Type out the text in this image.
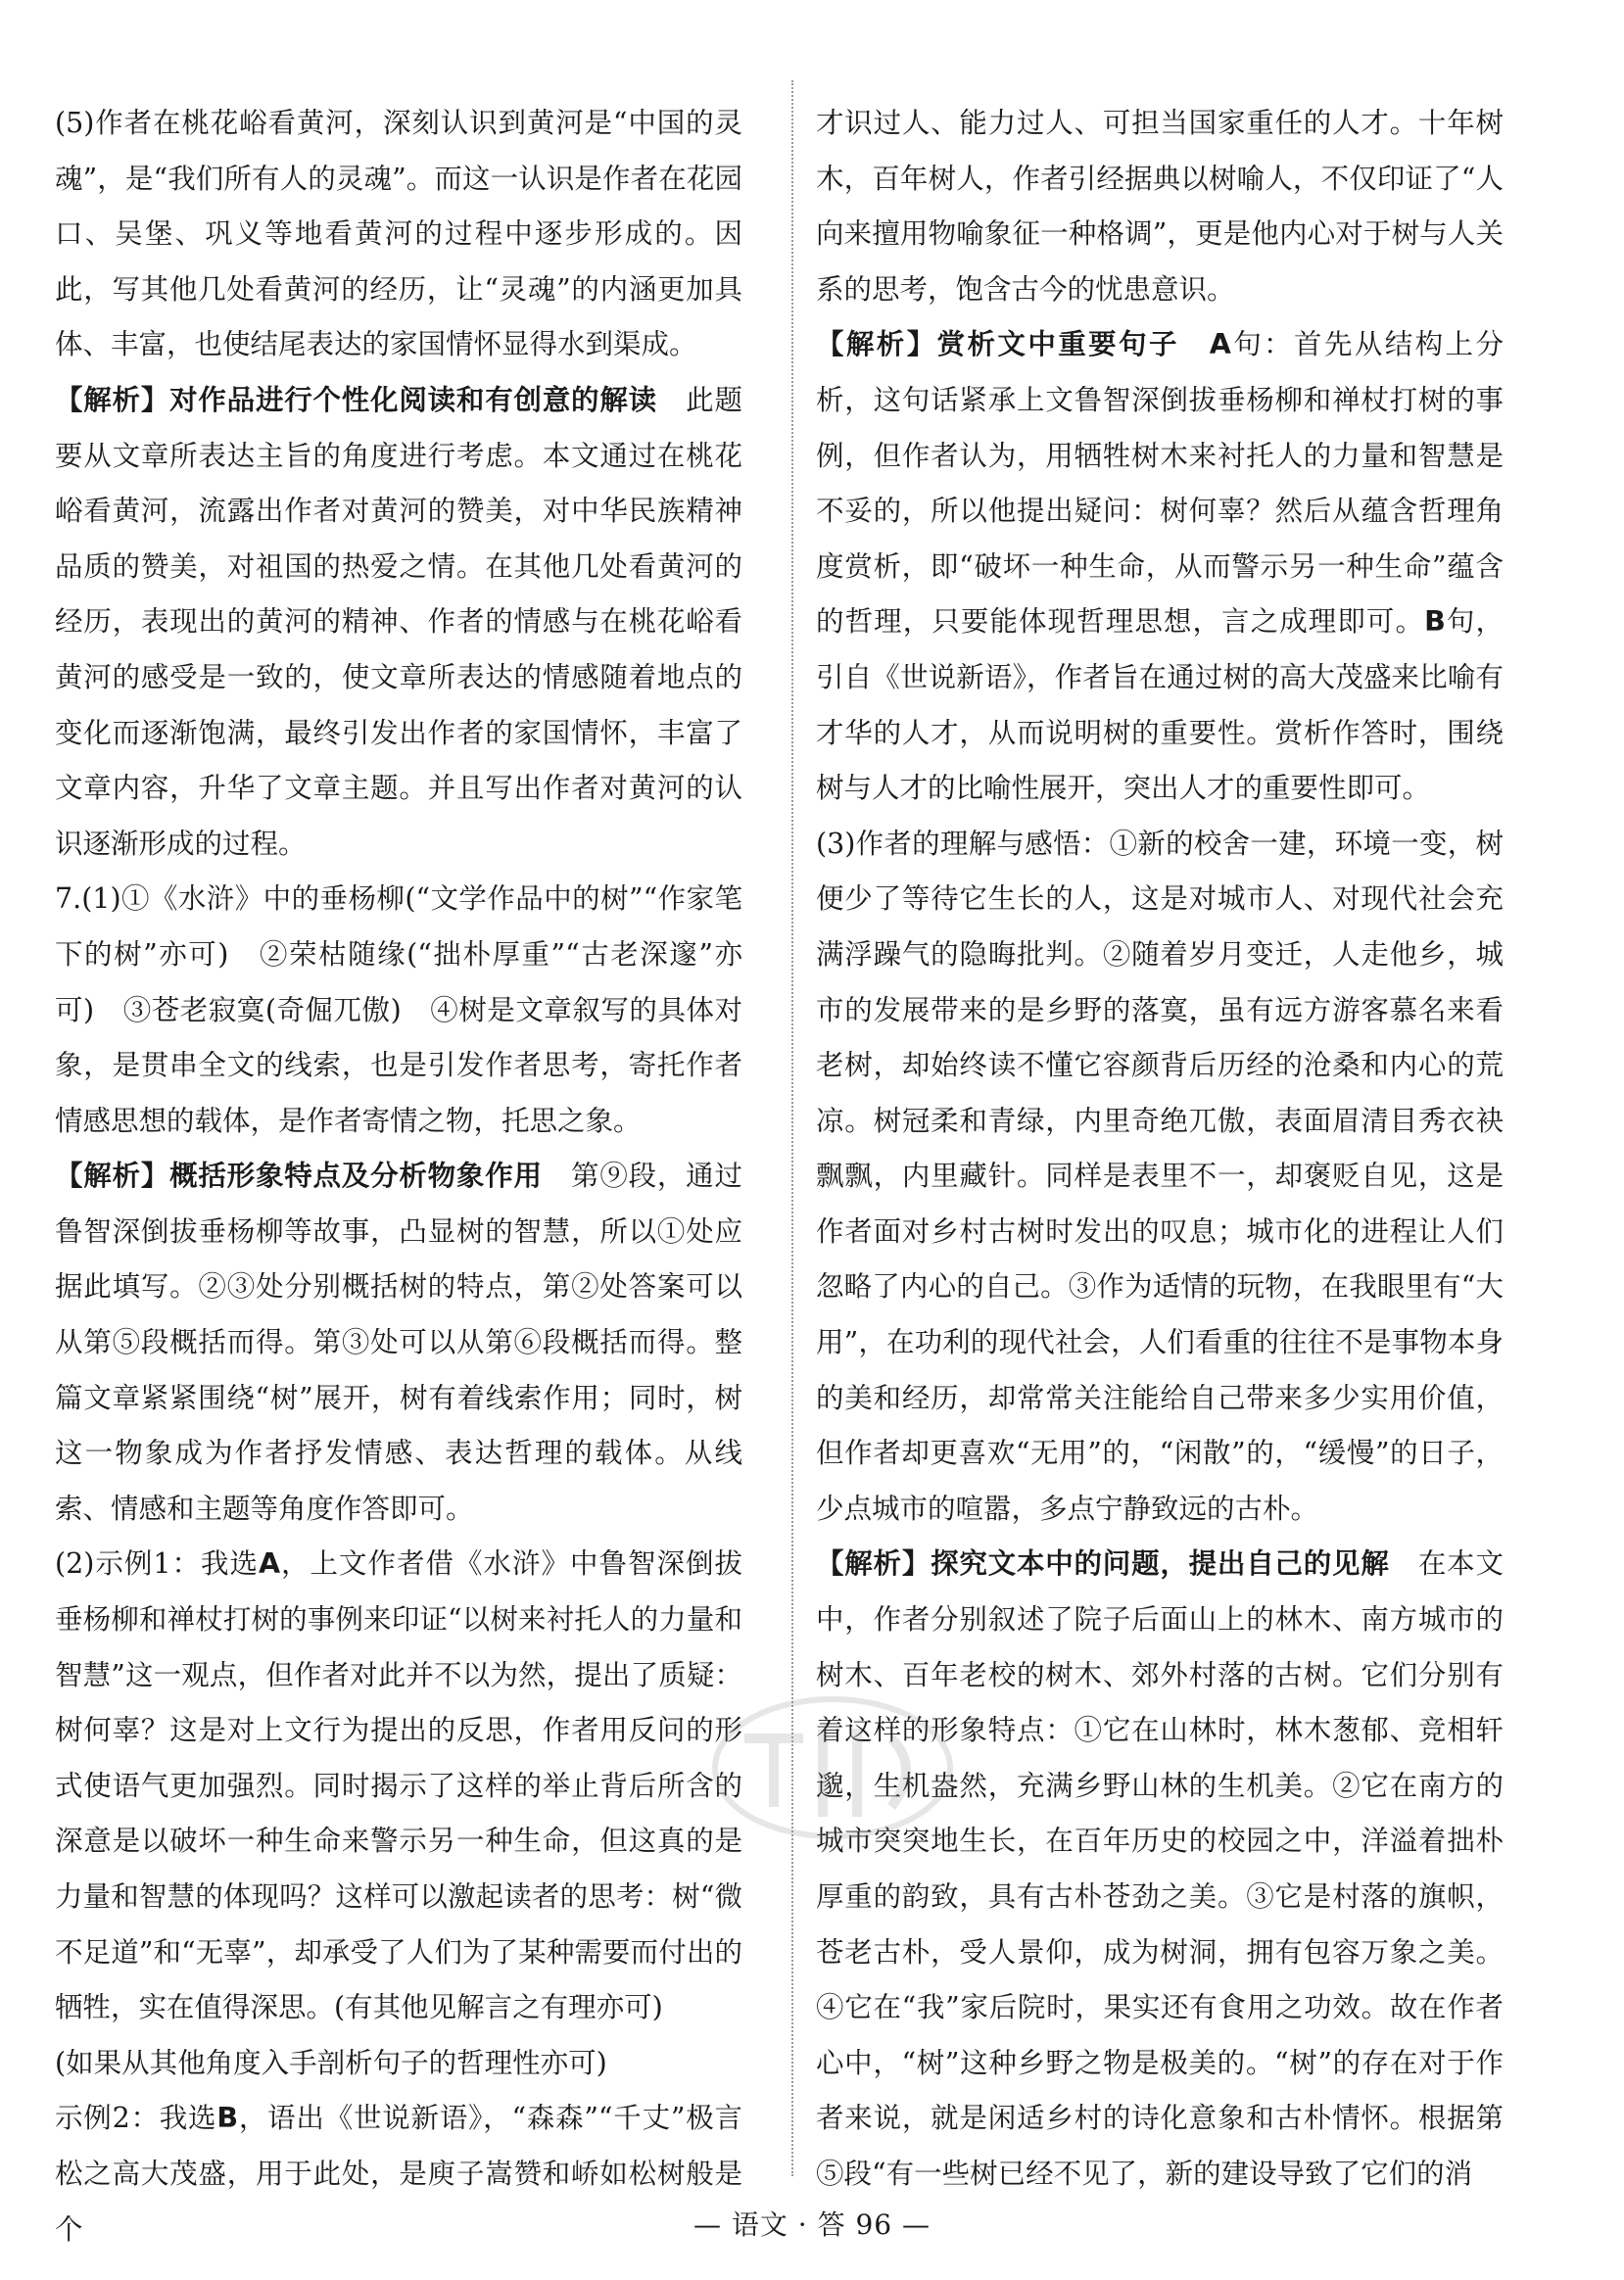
(5)作者在桃花峪看黄河，深刻认识到黄河是“中国的灵魂”，是“我们所有人的灵魂”。而这一认识是作者在花园口、吴堡、巩义等地看黄河的过程中逐步形成的。因此，写其他几处看黄河的经历，让“灵魂”的内涵更加具体、丰富，也使结尾表达的家国情怀显得水到渠成。

【解析】对作品进行个性化阅读和有创意的解读　此题要从文章所表达主旨的角度进行考虑。本文通过在桃花峪看黄河，流露出作者对黄河的赞美，对中华民族精神品质的赞美，对祖国的热爱之情。在其他几处看黄河的经历，表现出的黄河的精神、作者的情感与在桃花峪看黄河的感受是一致的，使文章所表达的情感随着地点的变化而逐渐饱满，最终引发出作者的家国情怀，丰富了文章内容，升华了文章主题。并且写出作者对黄河的认识逐渐形成的过程。

7.(1)①《水浒》中的垂杨柳(“文学作品中的树”“作家笔下的树”亦可)　②荣枯随缘(“拙朴厚重”“古老深邃”亦可)　③苍老寂寞(奇倔兀傲)　④树是文章叙写的具体对象，是贯串全文的线索，也是引发作者思考，寄托作者情感思想的载体，是作者寄情之物，托思之象。

【解析】概括形象特点及分析物象作用　第⑨段，通过鲁智深倒拔垂杨柳等故事，凸显树的智慧，所以①处应据此填写。②③处分别概括树的特点，第②处答案可以从第⑤段概括而得。第③处可以从第⑥段概括而得。整篇文章紧紧围绕“树”展开，树有着线索作用；同时，树这一物象成为作者抒发情感、表达哲理的载体。从线索、情感和主题等角度作答即可。

(2)示例1：我选A，上文作者借《水浒》中鲁智深倒拔垂杨柳和禅杖打树的事例来印证“以树来衬托人的力量和智慧”这一观点，但作者对此并不以为然，提出了质疑：树何辜？这是对上文行为提出的反思，作者用反问的形式使语气更加强烈。同时揭示了这样的举止背后所含的深意是以破坏一种生命来警示另一种生命，但这真的是力量和智慧的体现吗？这样可以激起读者的思考：树“微不足道”和“无辜”，却承受了人们为了某种需要而付出的牺牲，实在值得深思。(有其他见解言之有理亦可)

(如果从其他角度入手剖析句子的哲理性亦可)

示例2：我选B，语出《世说新语》，“森森”“千丈”极言松之高大茂盛，用于此处，是庾子嵩赞和峤如松树般是个

才识过人、能力过人、可担当国家重任的人才。十年树木，百年树人，作者引经据典以树喻人，不仅印证了“人向来擅用物喻象征一种格调”，更是他内心对于树与人关系的思考，饱含古今的忧患意识。

【解析】赏析文中重要句子　 A句：首先从结构上分析，这句话紧承上文鲁智深倒拔垂杨柳和禅杖打树的事例，但作者认为，用牺牲树木来衬托人的力量和智慧是不妥的，所以他提出疑问：树何辜？然后从蕴含哲理角度赏析，即“破坏一种生命，从而警示另一种生命”蕴含的哲理，只要能体现哲理思想，言之成理即可。B句，引自《世说新语》，作者旨在通过树的高大茂盛来比喻有才华的人才，从而说明树的重要性。赏析作答时，围绕树与人才的比喻性展开，突出人才的重要性即可。

(3)作者的理解与感悟：①新的校舍一建，环境一变，树便少了等待它生长的人，这是对城市人、对现代社会充满浮躁气的隐晦批判。②随着岁月变迁，人走他乡，城市的发展带来的是乡野的落寞，虽有远方游客慕名来看老树，却始终读不懂它容颜背后历经的沧桑和内心的荒凉。树冠柔和青绿，内里奇绝兀傲，表面眉清目秀衣袂飘飘，内里藏针。同样是表里不一，却褒贬自见，这是作者面对乡村古树时发出的叹息；城市化的进程让人们忽略了内心的自己。③作为适情的玩物，在我眼里有“大用”，在功利的现代社会，人们看重的往往不是事物本身的美和经历，却常常关注能给自己带来多少实用价值，但作者却更喜欢“无用”的，“闲散”的，“缓慢”的日子，少点城市的喧嚣，多点宁静致远的古朴。

【解析】探究文本中的问题，提出自己的见解　在本文中，作者分别叙述了院子后面山上的林木、南方城市的树木、百年老校的树木、郊外村落的古树。它们分别有着这样的形象特点：①它在山林时，林木葱郁、竞相轩邈，生机盎然，充满乡野山林的生机美。②它在南方的城市突突地生长，在百年历史的校园之中，洋溢着拙朴厚重的韵致，具有古朴苍劲之美。③它是村落的旗帜，苍老古朴，受人景仰，成为树洞，拥有包容万象之美。④它在“我”家后院时，果实还有食用之功效。故在作者心中，“树”这种乡野之物是极美的。“树”的存在对于作者来说，就是闲适乡村的诗化意象和古朴情怀。根据第⑤段“有一些树已经不见了，新的建设导致了它们的消

— 语文 · 答 96 —
